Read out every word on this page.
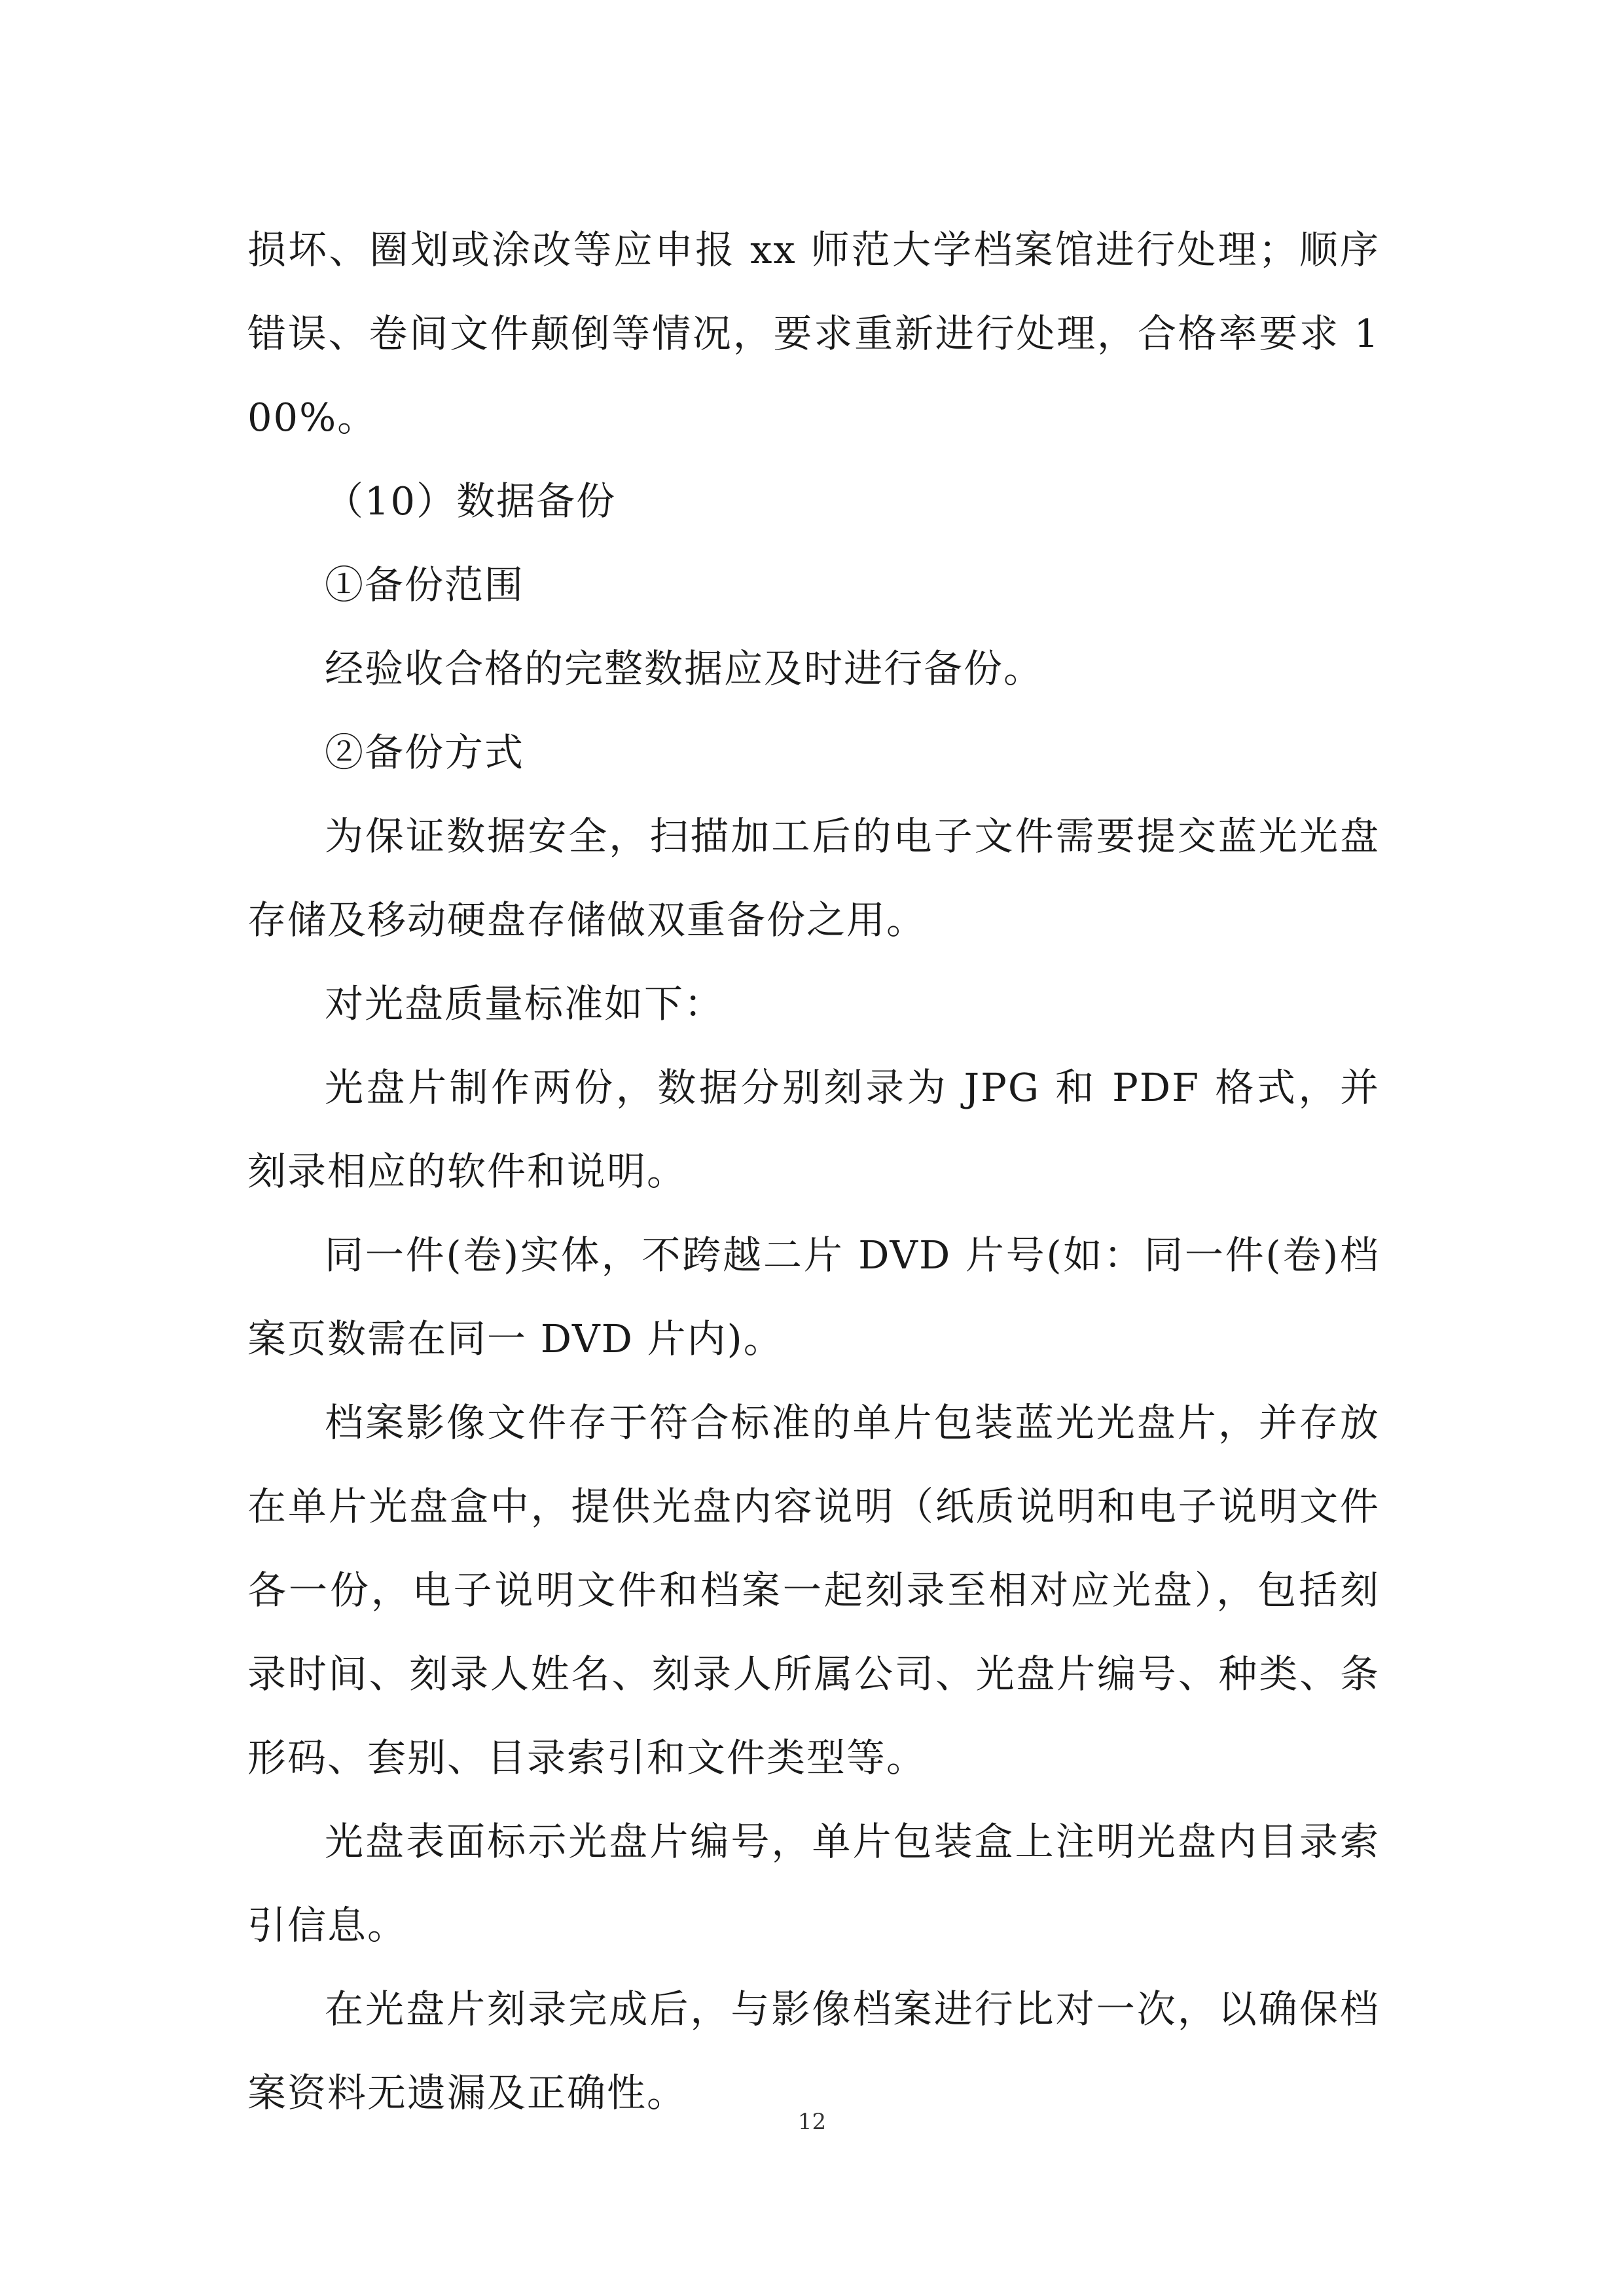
损坏、圈划或涂改等应申报 xx 师范大学档案馆进行处理；顺序错误、卷间文件颠倒等情况，要求重新进行处理，合格率要求 100%。

（10）数据备份

①备份范围

经验收合格的完整数据应及时进行备份。

②备份方式

为保证数据安全，扫描加工后的电子文件需要提交蓝光光盘存储及移动硬盘存储做双重备份之用。

对光盘质量标准如下：

光盘片制作两份，数据分别刻录为 JPG 和 PDF 格式，并刻录相应的软件和说明。

同一件(卷)实体，不跨越二片 DVD 片号(如：同一件(卷)档案页数需在同一 DVD 片内)。

档案影像文件存于符合标准的单片包装蓝光光盘片，并存放在单片光盘盒中，提供光盘内容说明（纸质说明和电子说明文件各一份，电子说明文件和档案一起刻录至相对应光盘），包括刻录时间、刻录人姓名、刻录人所属公司、光盘片编号、种类、条形码、套别、目录索引和文件类型等。

光盘表面标示光盘片编号，单片包装盒上注明光盘内目录索引信息。

在光盘片刻录完成后，与影像档案进行比对一次，以确保档案资料无遗漏及正确性。

12
